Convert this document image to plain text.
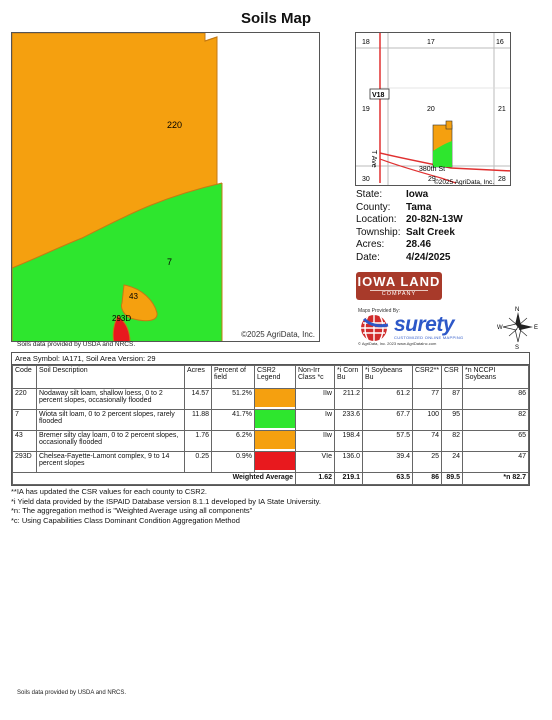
Soils Map
220
7
43
293D
©2025 AgriData, Inc.
Soils data provided by USDA and NRCS.
18	17	16
19	20	21
30	29	28
V18
T Ave
380th St
©2025 AgriData, Inc.
State: Iowa
County: Tama
Location: 20-82N-13W
Township: Salt Creek
Acres: 28.46
Date:	4/24/2025
IOWA LAND
COMPANY
Maps Provided By:
surety
CUSTOMIZED ONLINE MAPPING
© AgriData, Inc. 2023 www.AgriDataInc.com
N
S
W	E
Area Symbol: IA171, Soil Area Version: 29
Code	Soil Description	Acres	Percent of field	CSR2 Legend	Non-Irr Class *c	*i Corn Bu	*i Soybeans Bu	CSR2**	CSR	*n NCCPI Soybeans
220	Nodaway silt loam, shallow loess, 0 to 2 percent slopes, occasionally flooded	14.57	51.2%		IIw	211.2	61.2	77	87	86
7	Wiota silt loam, 0 to 2 percent slopes, rarely flooded	11.88	41.7%		Iw	233.6	67.7	100	95	82
43	Bremer silty clay loam, 0 to 2 percent slopes, occasionally flooded	1.76	6.2%		IIw	198.4	57.5	74	82	65
293D	Chelsea-Fayette-Lamont complex, 9 to 14 percent slopes	0.25	0.9%		VIe	136.0	39.4	25	24	47
Weighted Average					1.62	219.1	63.5	86	89.5	*n 82.7
**IA has updated the CSR values for each county to CSR2.
*i Yield data provided by the ISPAID Database version 8.1.1 developed by IA State University.
*n: The aggregation method is "Weighted Average using all components"
*c: Using Capabilities Class Dominant Condition Aggregation Method
Soils data provided by USDA and NRCS.
